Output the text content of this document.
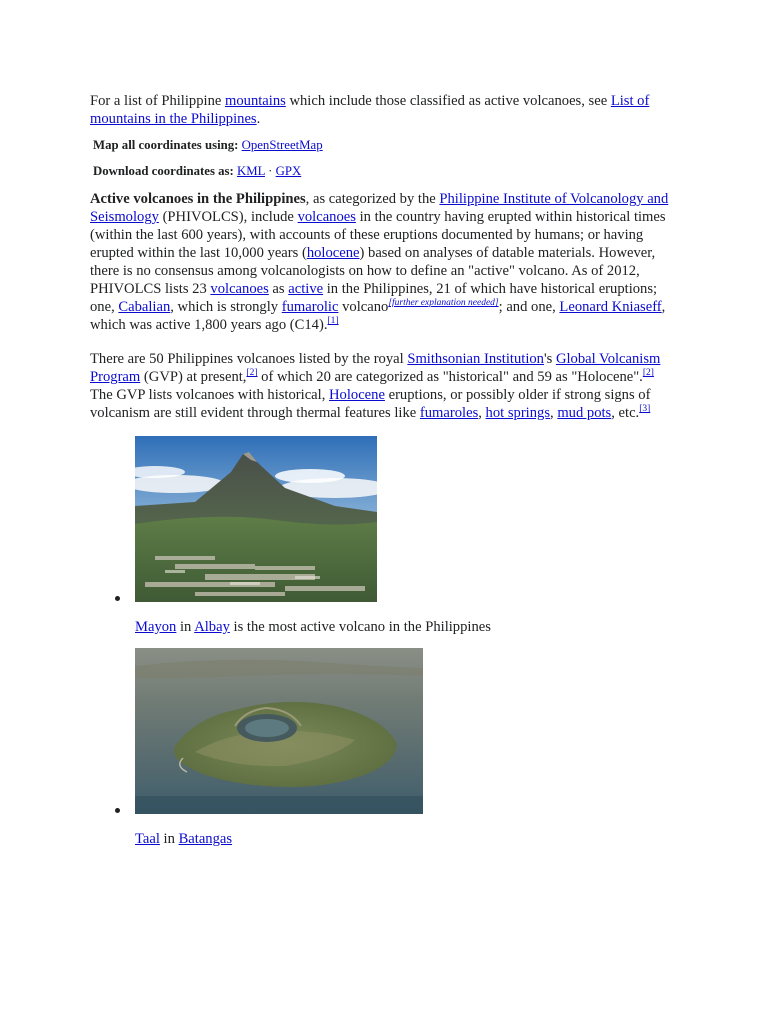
For a list of Philippine mountains which include those classified as active volcanoes, see List of mountains in the Philippines.

Map all coordinates using: OpenStreetMap
Download coordinates as: KML · GPX

Active volcanoes in the Philippines, as categorized by the Philippine Institute of Volcanology and Seismology (PHIVOLCS), include volcanoes in the country having erupted within historical times (within the last 600 years), with accounts of these eruptions documented by humans; or having erupted within the last 10,000 years (holocene) based on analyses of datable materials. However, there is no consensus among volcanologists on how to define an "active" volcano. As of 2012, PHIVOLCS lists 23 volcanoes as active in the Philippines, 21 of which have historical eruptions; one, Cabalian, which is strongly fumarolic volcano[further explanation needed]; and one, Leonard Kniaseff, which was active 1,800 years ago (C14).[1]

There are 50 Philippines volcanoes listed by the royal Smithsonian Institution's Global Volcanism Program (GVP) at present,[2] of which 20 are categorized as "historical" and 59 as "Holocene".[2] The GVP lists volcanoes with historical, Holocene eruptions, or possibly older if strong signs of volcanism are still evident through thermal features like fumaroles, hot springs, mud pots, etc.[3]

Mayon in Albay is the most active volcano in the Philippines
Taal in Batangas
